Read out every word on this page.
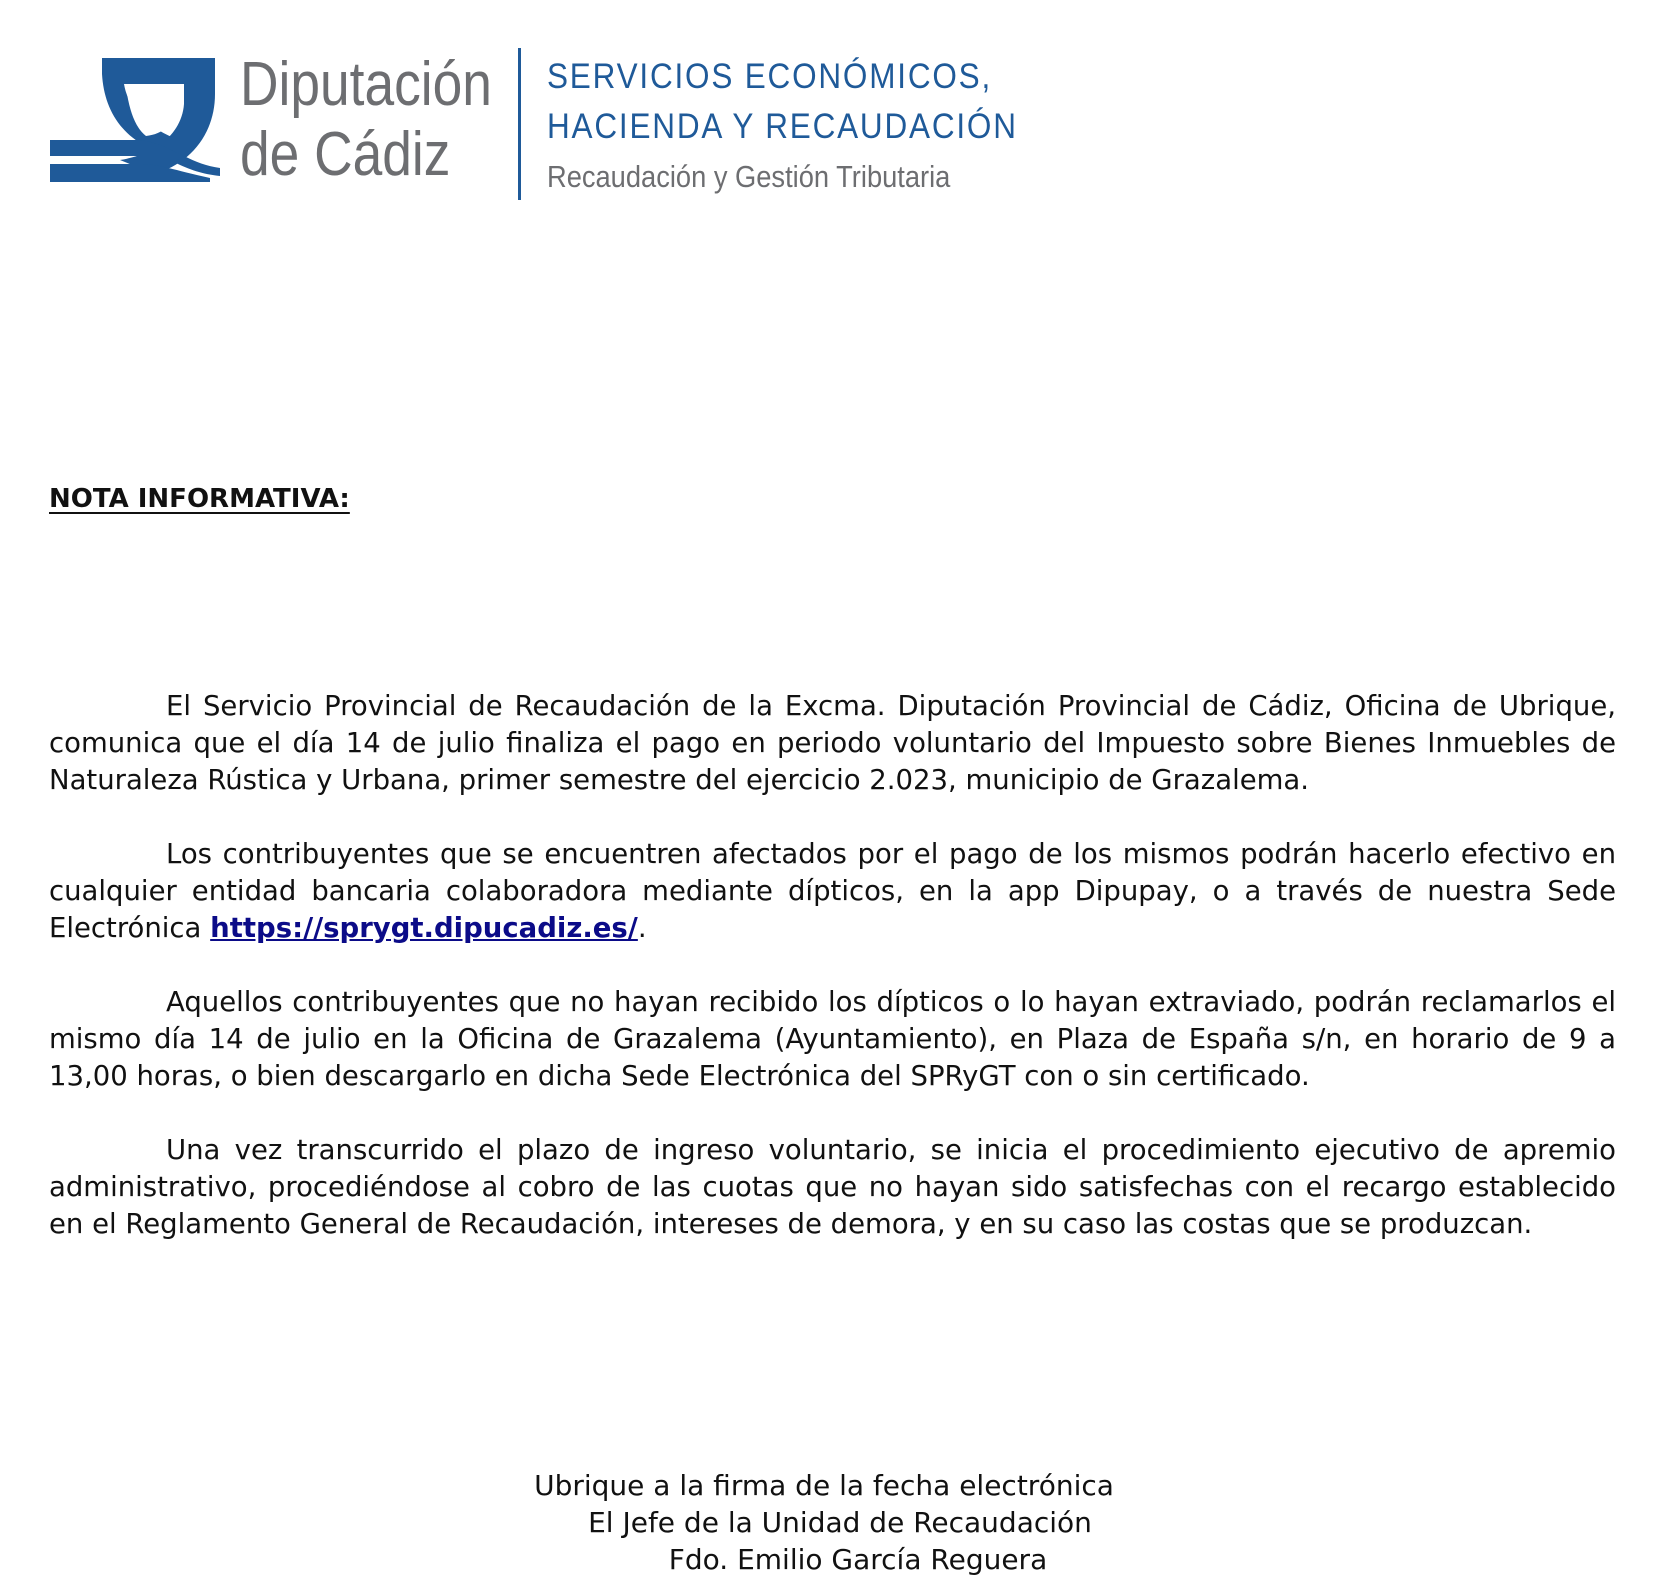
Diputación
de Cádiz
SERVICIOS ECONÓMICOS,
HACIENDA Y RECAUDACIÓN
Recaudación y Gestión Tributaria
NOTA INFORMATIVA:

El Servicio Provincial de Recaudación de la Excma. Diputación Provincial de Cádiz, Oficina de Ubrique, comunica que el día 14 de julio finaliza el pago en periodo voluntario del Impuesto sobre Bienes Inmuebles de Naturaleza Rústica y Urbana, primer semestre del ejercicio 2.023, municipio de Grazalema.

Los contribuyentes que se encuentren afectados por el pago de los mismos podrán hacerlo efectivo en cualquier entidad bancaria colaboradora mediante dípticos, en la app Dipupay, o a través de nuestra Sede Electrónica https://sprygt.dipucadiz.es/.

Aquellos contribuyentes que no hayan recibido los dípticos o lo hayan extraviado, podrán reclamarlos el mismo día 14 de julio en la Oficina de Grazalema (Ayuntamiento), en Plaza de España s/n, en horario de 9 a 13,00 horas, o bien descargarlo en dicha Sede Electrónica del SPRyGT con o sin certificado.

Una vez transcurrido el plazo de ingreso voluntario, se inicia el procedimiento ejecutivo de apremio administrativo, procediéndose al cobro de las cuotas que no hayan sido satisfechas con el recargo establecido en el Reglamento General de Recaudación, intereses de demora, y en su caso las costas que se produzcan.

Ubrique a la firma de la fecha electrónica
El Jefe de la Unidad de Recaudación
Fdo. Emilio García Reguera
